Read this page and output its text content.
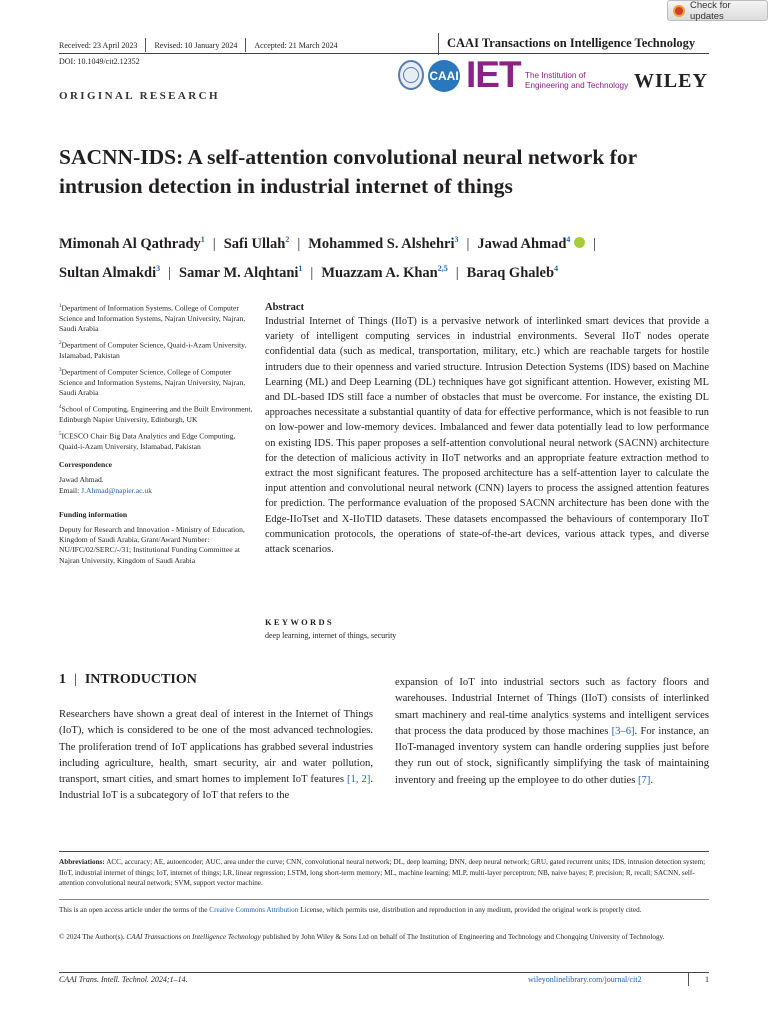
Check for updates
Received: 23 April 2023 Revised: 10 January 2024 Accepted: 21 March 2024	CAAI Transactions on Intelligence Technology
DOI: 10.1049/cit2.12352
ORIGINAL RESEARCH
CAAI IET The Institution of
Engineering and Technology WILEY
SACNN-IDS: A self-attention convolutional neural network for intrusion detection in industrial internet of things
Mimonah Al Qathrady$^1$ | Safi Ullah$^2$ | Mohammed S. Alshehri$^3$ | Jawad Ahmad$^4$ |
Sultan Almakdi$^3$ | Samar M. Alqhtani$^1$ | Muazzam A. Khan$^{2,5}$ | Baraq Ghaleb$^4$

$^1$Department of Information Systems, College of Computer Science and Information Systems, Najran University, Najran, Saudi Arabia

$^2$Department of Computer Science, Quaid-i-Azam University, Islamabad, Pakistan

$^3$Department of Computer Science, College of Computer Science and Information Systems, Najran University, Najran, Saudi Arabia

$^4$School of Computing, Engineering and the Built Environment, Edinburgh Napier University, Edinburgh, UK

$^5$ICESCO Chair Big Data Analytics and Edge Computing, Quaid-i-Azam University, Islamabad, Pakistan

Correspondence
Jawad Ahmad.
Email: J.Ahmad@napier.ac.uk
Funding information
Deputy for Research and Innovation - Ministry of Education, Kingdom of Saudi Arabia, Grant/Award Number: NU/IFC/02/SERC/-/31; Institutional Funding Committee at Najran University, Kingdom of Saudi Arabia
Abstract
Industrial Internet of Things (IIoT) is a pervasive network of interlinked smart devices that provide a variety of intelligent computing services in industrial environments. Several IIoT nodes operate confidential data (such as medical, transportation, military, etc.) which are reachable targets for hostile intruders due to their openness and varied structure. Intrusion Detection Systems (IDS) based on Machine Learning (ML) and Deep Learning (DL) techniques have got significant attention. However, existing ML and DL-based IDS still face a number of obstacles that must be overcome. For instance, the existing DL approaches necessitate a substantial quantity of data for effective performance, which is not feasible to run on low-power and low-memory devices. Imbalanced and fewer data potentially lead to low performance on existing IDS. This paper proposes a self-attention convolutional neural network (SACNN) architecture for the detection of malicious activity in IIoT networks and an appropriate feature extraction method to extract the most significant features. The proposed architecture has a self-attention layer to calculate the input attention and convolutional neural network (CNN) layers to process the assigned attention features for prediction. The performance evaluation of the proposed SACNN architecture has been done with the Edge-IIoTset and X-IIoTID datasets. These datasets encompassed the behaviours of contemporary IIoT communication protocols, the operations of state-of-the-art devices, various attack types, and diverse attack scenarios.
KEYWORDS
deep learning, internet of things, security
1 | INTRODUCTION
Researchers have shown a great deal of interest in the Internet of Things (IoT), which is considered to be one of the most advanced technologies. The proliferation trend of IoT applications has grabbed several industries including agriculture, health, smart security, air and water pollution, transport, smart cities, and smart homes to implement IoT features [1, 2]. Industrial IoT is a subcategory of IoT that refers to the
expansion of IoT into industrial sectors such as factory floors and warehouses. Industrial Internet of Things (IIoT) consists of interlinked smart machinery and real-time analytics systems and intelligent services that process the data produced by those machines [3–6]. For instance, an IIoT-managed inventory system can handle ordering supplies just before they run out of stock, significantly simplifying the task of maintaining inventory and freeing up the employee to do other duties [7].
Abbreviations: ACC, accuracy; AE, autoencoder; AUC, area under the curve; CNN, convolutional neural network; DL, deep learning; DNN, deep neural network; GRU, gated recurrent units; IDS, intrusion detection system; IIoT, industrial internet of things; IoT, internet of things; LR, linear regression; LSTM, long short-term memory; ML, machine learning; MLP, multi-layer perceptron; NB, naive bayes; P, precision; R, recall; SACNN, self-attention convolutional neural network; SVM, support vector machine.
This is an open access article under the terms of the Creative Commons Attribution License, which permits use, distribution and reproduction in any medium, provided the original work is properly cited.
© 2024 The Author(s). CAAI Transactions on Intelligence Technology published by John Wiley & Sons Ltd on behalf of The Institution of Engineering and Technology and Chongqing University of Technology.
CAAI Trans. Intell. Technol. 2024;1–14.	wileyonlinelibrary.com/journal/cit2	1
